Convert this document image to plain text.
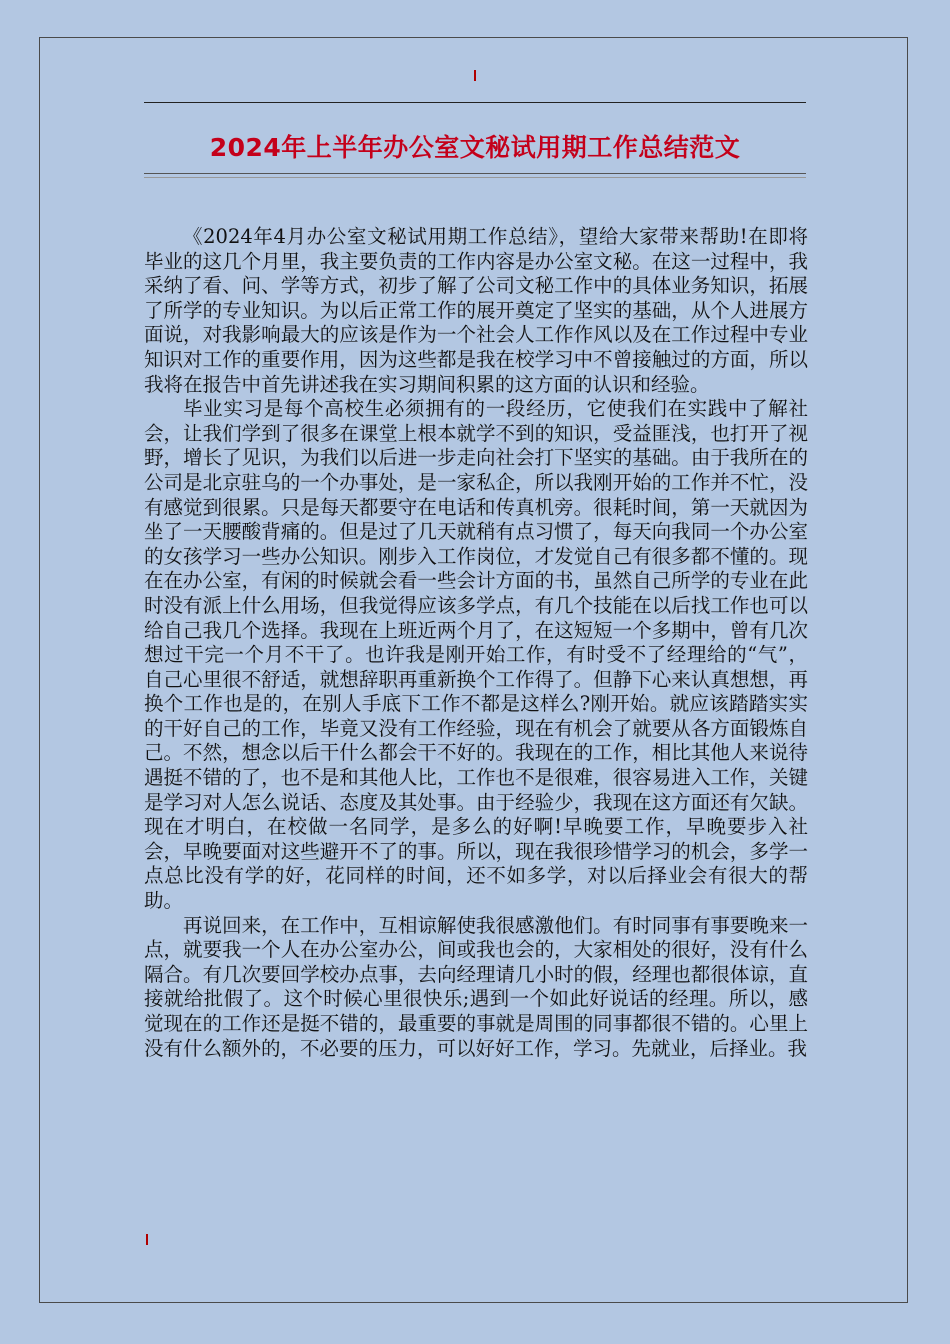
2024年上半年办公室文秘试用期工作总结范文

《2024年4月办公室文秘试用期工作总结》，望给大家带来帮助!在即将毕业的这几个月里，我主要负责的工作内容是办公室文秘。在这一过程中，我采纳了看、问、学等方式，初步了解了公司文秘工作中的具体业务知识，拓展了所学的专业知识。为以后正常工作的展开奠定了坚实的基础，从个人进展方面说，对我影响最大的应该是作为一个社会人工作作风以及在工作过程中专业知识对工作的重要作用，因为这些都是我在校学习中不曾接触过的方面，所以我将在报告中首先讲述我在实习期间积累的这方面的认识和经验。

毕业实习是每个高校生必须拥有的一段经历，它使我们在实践中了解社会，让我们学到了很多在课堂上根本就学不到的知识，受益匪浅，也打开了视野，增长了见识，为我们以后进一步走向社会打下坚实的基础。由于我所在的公司是北京驻乌的一个办事处，是一家私企，所以我刚开始的工作并不忙，没有感觉到很累。只是每天都要守在电话和传真机旁。很耗时间，第一天就因为坐了一天腰酸背痛的。但是过了几天就稍有点习惯了，每天向我同一个办公室的女孩学习一些办公知识。刚步入工作岗位，才发觉自己有很多都不懂的。现在在办公室，有闲的时候就会看一些会计方面的书，虽然自己所学的专业在此时没有派上什么用场，但我觉得应该多学点，有几个技能在以后找工作也可以给自己我几个选择。我现在上班近两个月了，在这短短一个多期中，曾有几次想过干完一个月不干了。也许我是刚开始工作，有时受不了经理给的“气”， 自己心里很不舒适，就想辞职再重新换个工作得了。但静下心来认真想想，再换个工作也是的，在别人手底下工作不都是这样么?刚开始。就应该踏踏实实的干好自己的工作，毕竟又没有工作经验，现在有机会了就要从各方面锻炼自己。不然，想念以后干什么都会干不好的。我现在的工作，相比其他人来说待遇挺不错的了，也不是和其他人比，工作也不是很难，很容易进入工作，关键是学习对人怎么说话、态度及其处事。由于经验少，我现在这方面还有欠缺。现在才明白，在校做一名同学，是多么的好啊!早晚要工作，早晚要步入社会，早晚要面对这些避开不了的事。所以，现在我很珍惜学习的机会，多学一点总比没有学的好，花同样的时间，还不如多学，对以后择业会有很大的帮助。

再说回来，在工作中，互相谅解使我很感激他们。有时同事有事要晚来一点，就要我一个人在办公室办公，间或我也会的，大家相处的很好，没有什么隔合。有几次要回学校办点事，去向经理请几小时的假，经理也都很体谅，直接就给批假了。这个时候心里很快乐;遇到一个如此好说话的经理。所以，感觉现在的工作还是挺不错的，最重要的事就是周围的同事都很不错的。心里上没有什么额外的，不必要的压力，可以好好工作，学习。先就业，后择业。我
